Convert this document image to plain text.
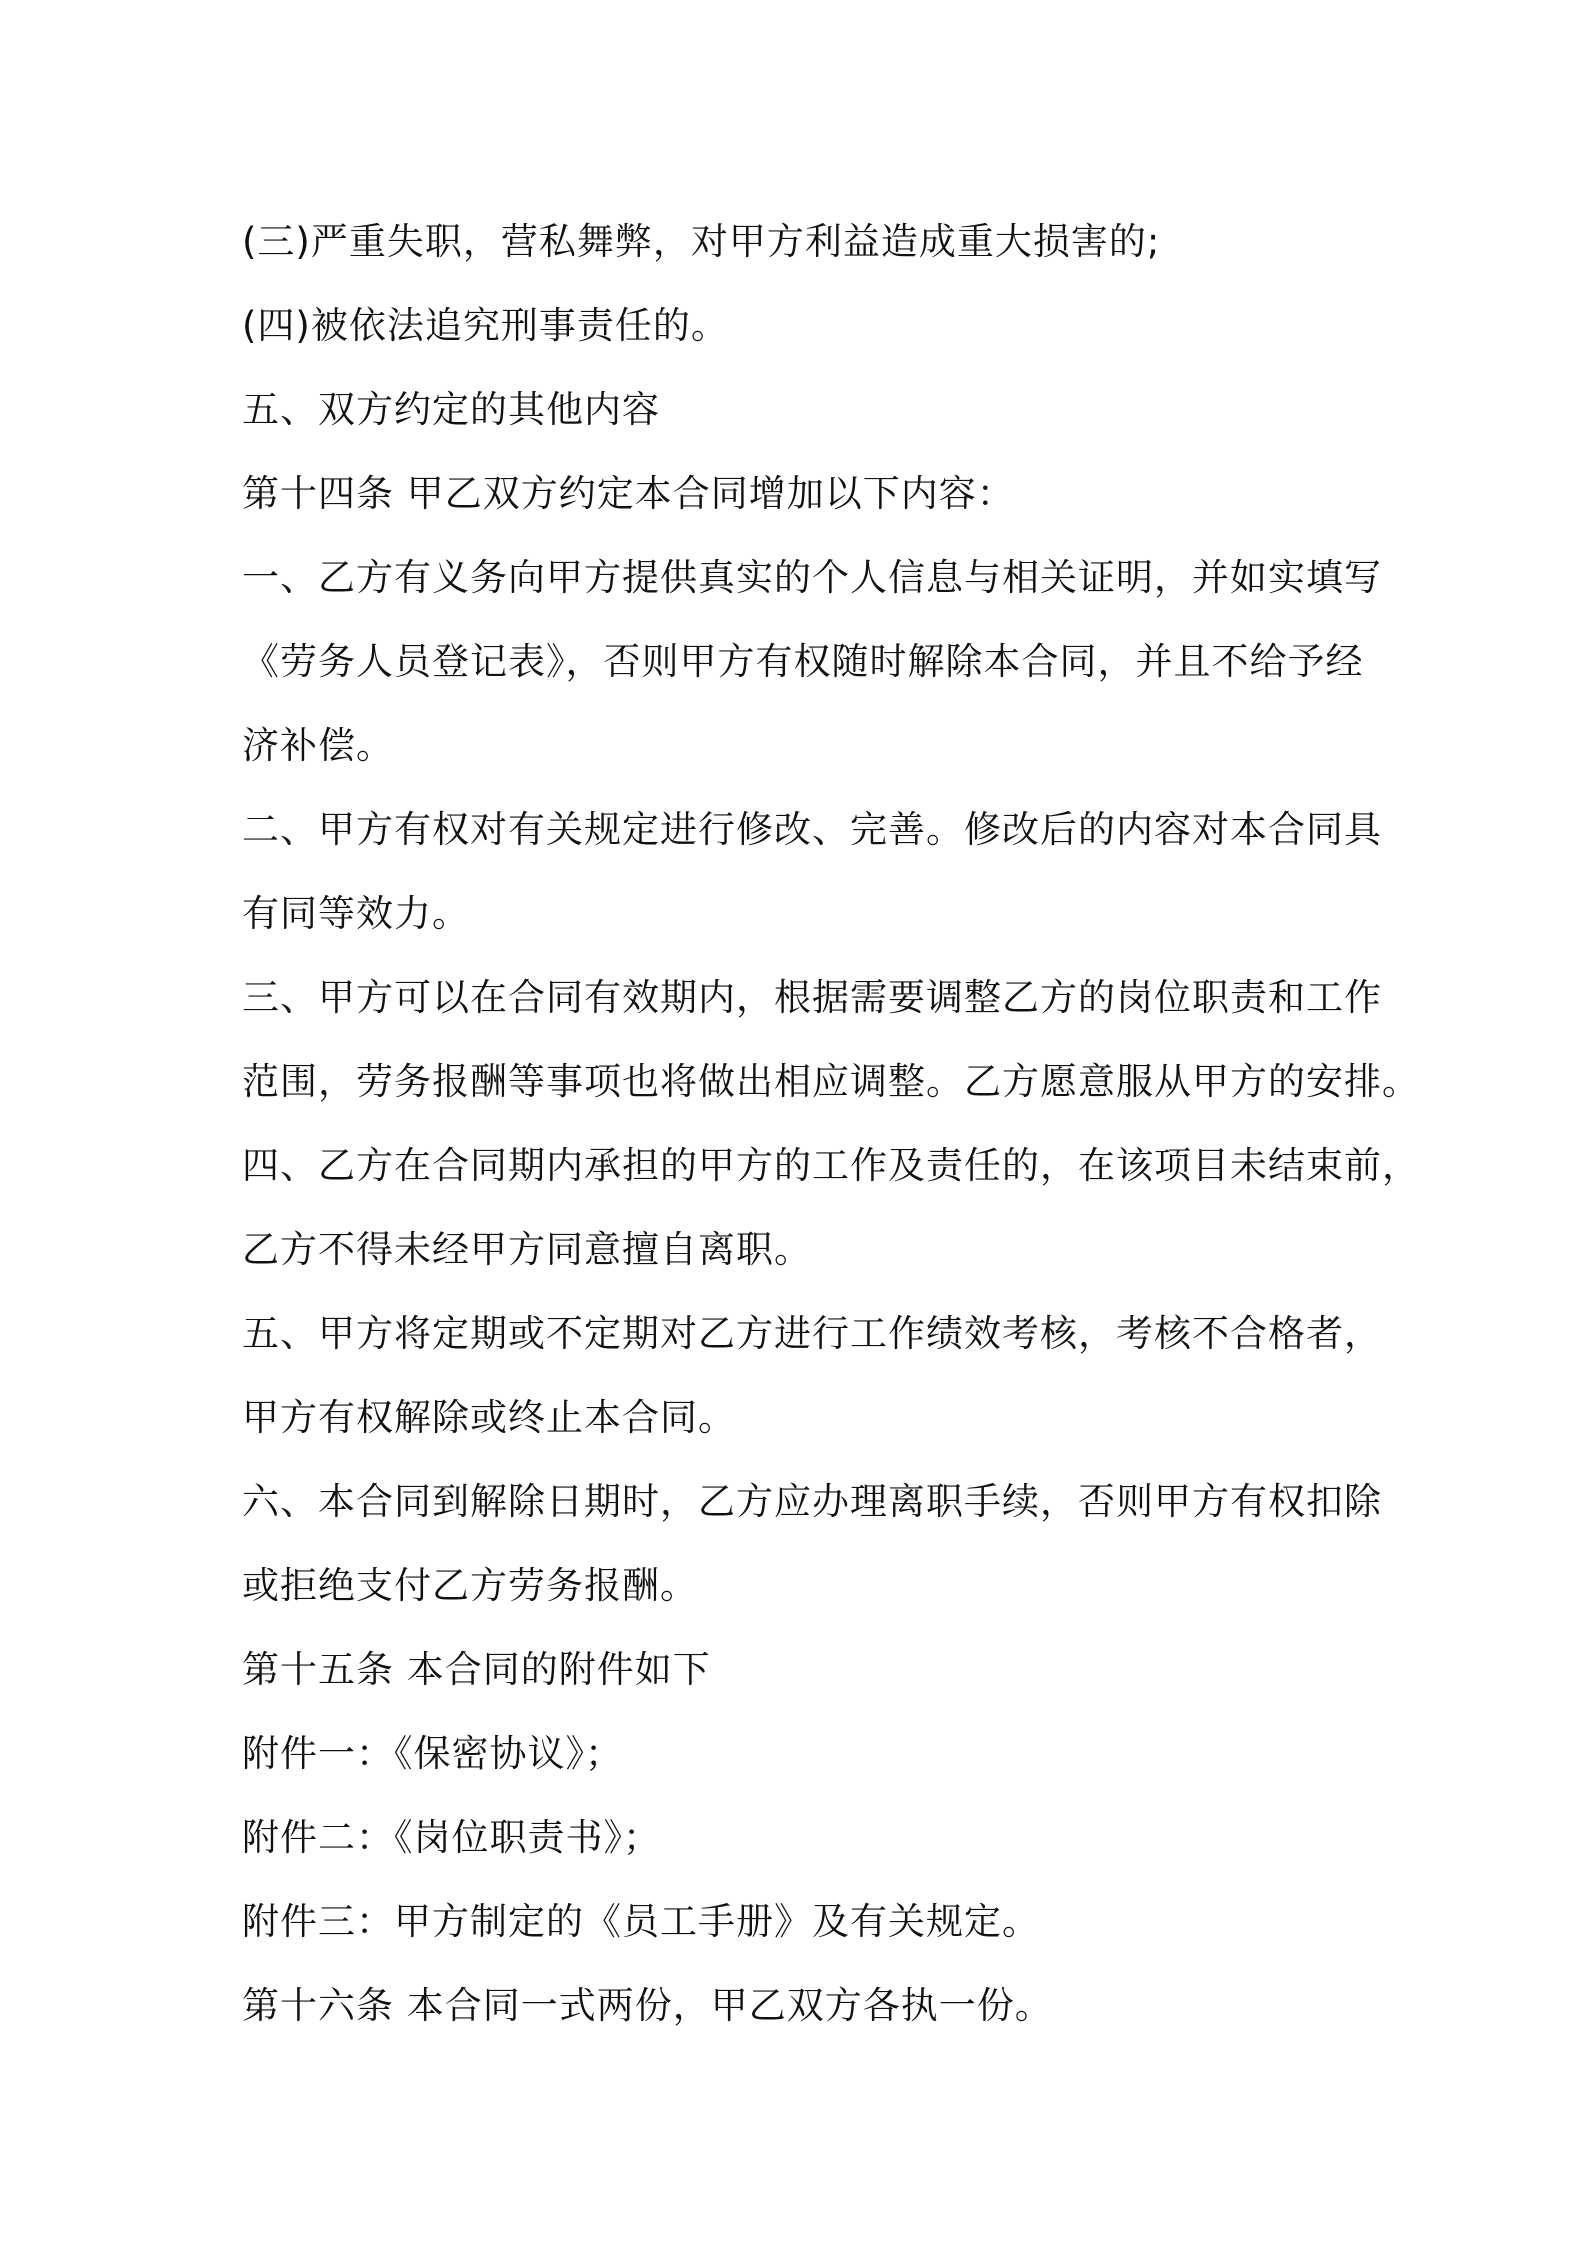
(三)严重失职，营私舞弊，对甲方利益造成重大损害的;

(四)被依法追究刑事责任的。

五、双方约定的其他内容

第十四条 甲乙双方约定本合同增加以下内容：

一、乙方有义务向甲方提供真实的个人信息与相关证明，并如实填写

《劳务人员登记表》，否则甲方有权随时解除本合同，并且不给予经

济补偿。

二、甲方有权对有关规定进行修改、完善。修改后的内容对本合同具

有同等效力。

三、甲方可以在合同有效期内，根据需要调整乙方的岗位职责和工作

范围，劳务报酬等事项也将做出相应调整。乙方愿意服从甲方的安排。

四、乙方在合同期内承担的甲方的工作及责任的，在该项目未结束前，

乙方不得未经甲方同意擅自离职。

五、甲方将定期或不定期对乙方进行工作绩效考核，考核不合格者，

甲方有权解除或终止本合同。

六、本合同到解除日期时，乙方应办理离职手续，否则甲方有权扣除

或拒绝支付乙方劳务报酬。

第十五条 本合同的附件如下

附件一：《保密协议》；

附件二：《岗位职责书》；

附件三：甲方制定的《员工手册》及有关规定。

第十六条 本合同一式两份，甲乙双方各执一份。
